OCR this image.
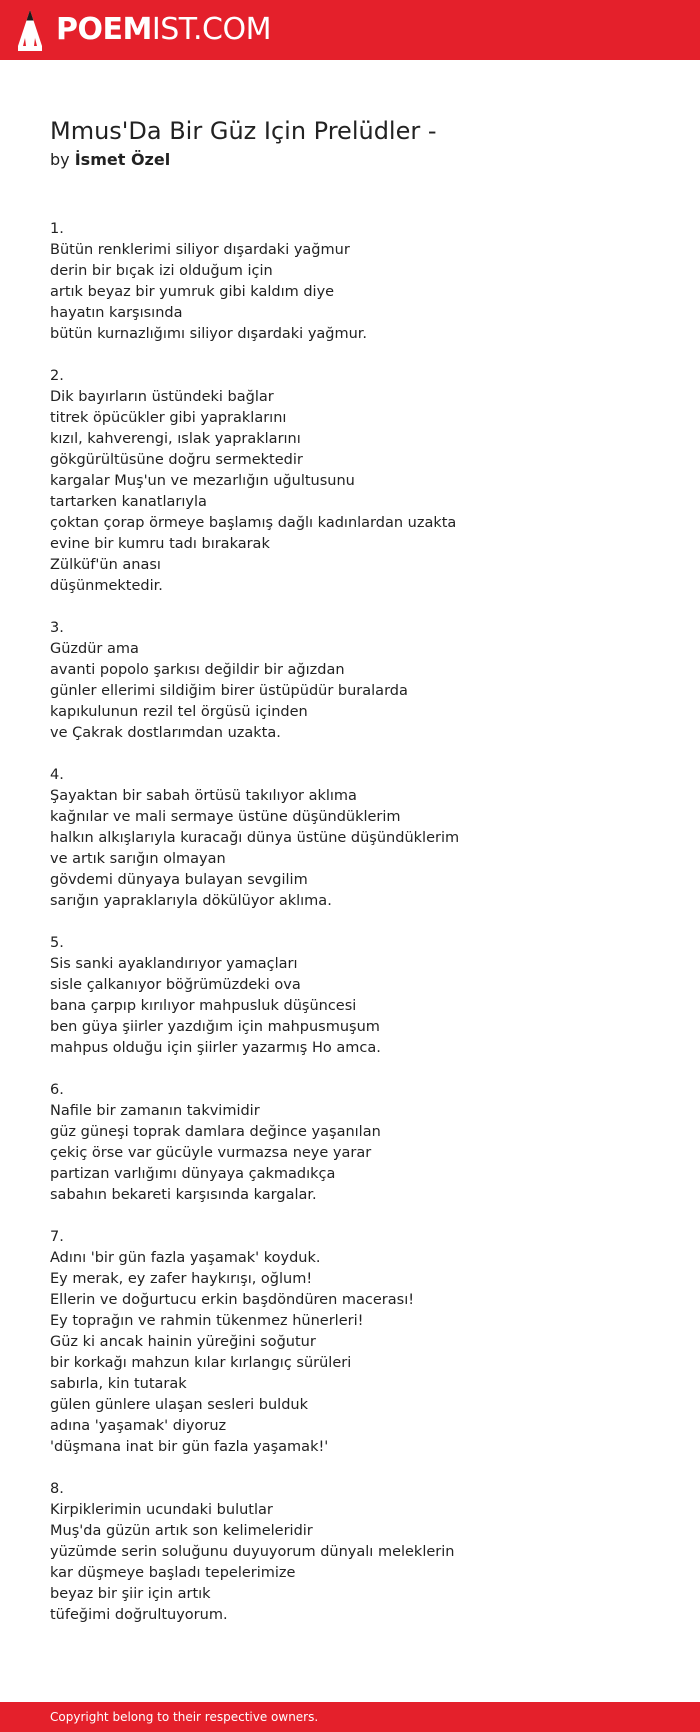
POEMIST.COM
Mmus'Da Bir Güz Için Prelüdler -
by İsmet Özel
1.
Bütün renklerimi siliyor dışardaki yağmur
derin bir bıçak izi olduğum için
artık beyaz bir yumruk gibi kaldım diye
hayatın karşısında
bütün kurnazlığımı siliyor dışardaki yağmur.
2.
Dik bayırların üstündeki bağlar
titrek öpücükler gibi yapraklarını
kızıl, kahverengi, ıslak yapraklarını
gökgürültüsüne doğru sermektedir
kargalar Muş'un ve mezarlığın uğultusunu
tartarken kanatlarıyla
çoktan çorap örmeye başlamış dağlı kadınlardan uzakta
evine bir kumru tadı bırakarak
Zülküf'ün anası
düşünmektedir.
3.
Güzdür ama
avanti popolo şarkısı değildir bir ağızdan
günler ellerimi sildiğim birer üstüpüdür buralarda
kapıkulunun rezil tel örgüsü içinden
ve Çakrak dostlarımdan uzakta.
4.
Şayaktan bir sabah örtüsü takılıyor aklıma
kağnılar ve mali sermaye üstüne düşündüklerim
halkın alkışlarıyla kuracağı dünya üstüne düşündüklerim
ve artık sarığın olmayan
gövdemi dünyaya bulayan sevgilim
sarığın yapraklarıyla dökülüyor aklıma.
5.
Sis sanki ayaklandırıyor yamaçları
sisle çalkanıyor böğrümüzdeki ova
bana çarpıp kırılıyor mahpusluk düşüncesi
ben güya şiirler yazdığım için mahpusmuşum
mahpus olduğu için şiirler yazarmış Ho amca.
6.
Nafile bir zamanın takvimidir
güz güneşi toprak damlara değince yaşanılan
çekiç örse var gücüyle vurmazsa neye yarar
partizan varlığımı dünyaya çakmadıkça
sabahın bekareti karşısında kargalar.
7.
Adını 'bir gün fazla yaşamak' koyduk.
Ey merak, ey zafer haykırışı, oğlum!
Ellerin ve doğurtucu erkin başdöndüren macerası!
Ey toprağın ve rahmin tükenmez hünerleri!
Güz ki ancak hainin yüreğini soğutur
bir korkağı mahzun kılar kırlangıç sürüleri
sabırla, kin tutarak
gülen günlere ulaşan sesleri bulduk
adına 'yaşamak' diyoruz
'düşmana inat bir gün fazla yaşamak!'
8.
Kirpiklerimin ucundaki bulutlar
Muş'da güzün artık son kelimeleridir
yüzümde serin soluğunu duyuyorum dünyalı meleklerin
kar düşmeye başladı tepelerimize
beyaz bir şiir için artık
tüfeğimi doğrultuyorum.
Copyright belong to their respective owners.
